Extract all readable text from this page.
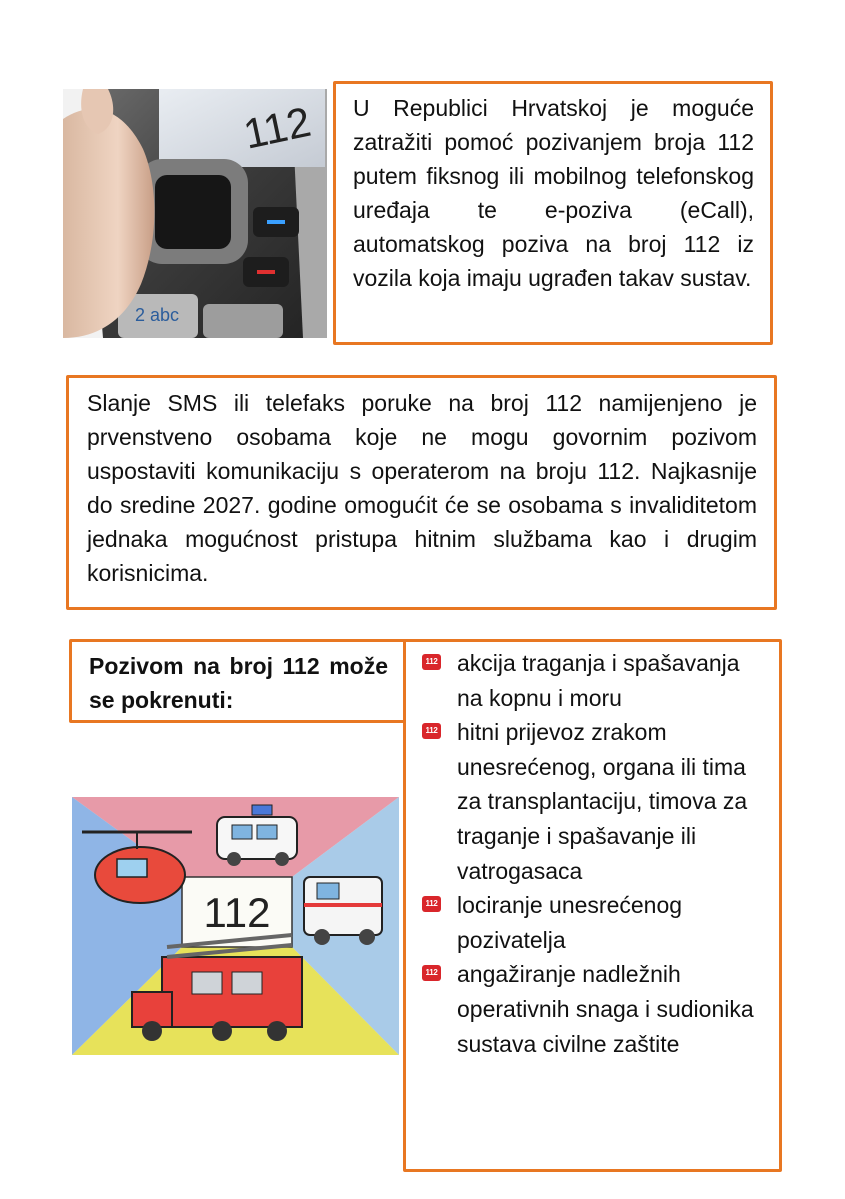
112
2 abc
U Republici Hrvatskoj je moguće zatražiti pomoć pozivanjem broja 112 putem fiksnog ili mobilnog telefonskog uređaja te e-poziva (eCall), automatskog poziva na broj 112 iz vozila koja imaju ugrađen takav sustav.
Slanje SMS ili telefaks poruke na broj 112 namijenjeno je prvenstveno osobama koje ne mogu govornim pozivom uspostaviti komunikaciju s operaterom na broju 112. Najkasnije do sredine 2027. godine omogućit će se osobama s invaliditetom jednaka mogućnost pristupa hitnim službama kao i drugim korisnicima.
Pozivom na broj 112 može se pokrenuti:
112 akcija traganja i spašavanja na kopnu i moru
112 hitni prijevoz zrakom unesrećenog, organa ili tima za transplantaciju, timova za traganje i spašavanje ili vatrogasaca
112 lociranje unesrećenog pozivatelja
112 angažiranje nadležnih operativnih snaga i sudionika sustava civilne zaštite
112
